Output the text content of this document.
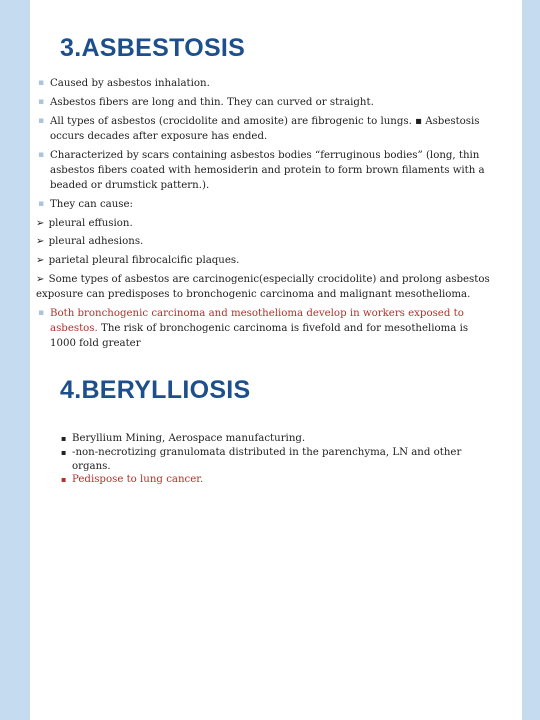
3.ASBESTOSIS
▪ Caused by asbestos inhalation.
▪ Asbestos fibers are long and thin. They can curved or straight.
▪ All types of asbestos (crocidolite and amosite) are fibrogenic to lungs. ▪ Asbestosis occurs decades after exposure has ended.
▪ Characterized by scars containing asbestos bodies “ferruginous bodies” (long, thin asbestos fibers coated with hemosiderin and protein to form brown filaments with a beaded or drumstick pattern.).
▪ They can cause:
➢ pleural effusion.
➢ pleural adhesions.
➢ parietal pleural fibrocalcific plaques.
➢ Some types of asbestos are carcinogenic(especially crocidolite) and prolong asbestos exposure can predisposes to bronchogenic carcinoma and malignant mesothelioma.
▪ Both bronchogenic carcinoma and mesothelioma develop in workers exposed to asbestos. The risk of bronchogenic carcinoma is fivefold and for mesothelioma is 1000 fold greater
4.BERYLLIOSIS
▪ Beryllium Mining, Aerospace manufacturing.
▪ -non-necrotizing granulomata distributed in the parenchyma, LN and other organs.
▪ Pedispose to lung cancer.
